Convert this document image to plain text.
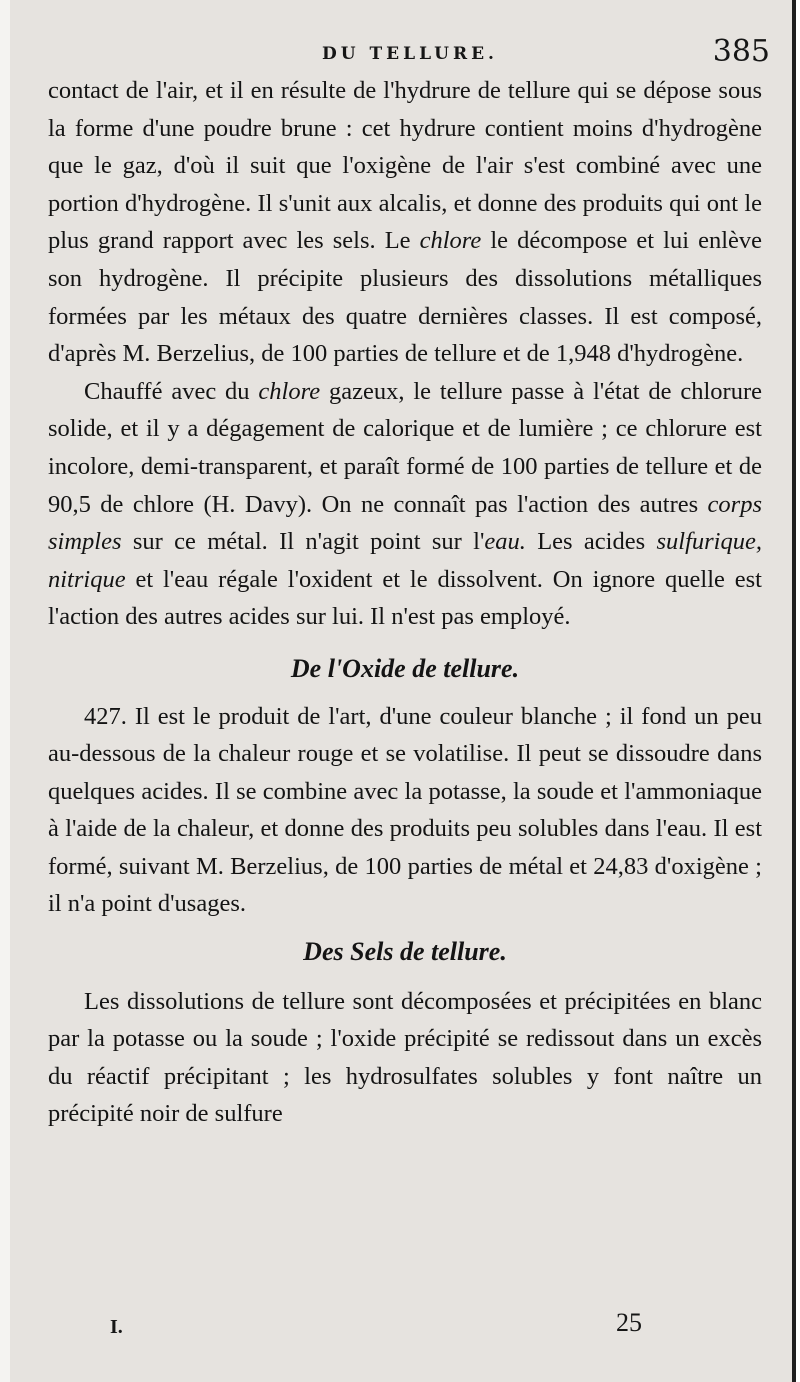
DU TELLURE.	385

contact de l'air, et il en résulte de l'hydrure de tellure qui se dépose sous la forme d'une poudre brune : cet hydrure contient moins d'hydrogène que le gaz, d'où il suit que l'oxigène de l'air s'est combiné avec une portion d'hydrogène. Il s'unit aux alcalis, et donne des produits qui ont le plus grand rapport avec les sels. Le chlore le décompose et lui enlève son hydrogène. Il précipite plusieurs des dissolutions métalliques formées par les métaux des quatre dernières classes. Il est composé, d'après M. Berzelius, de 100 parties de tellure et de 1,948 d'hydrogène.

Chauffé avec du chlore gazeux, le tellure passe à l'état de chlorure solide, et il y a dégagement de calorique et de lumière ; ce chlorure est incolore, demi-transparent, et paraît formé de 100 parties de tellure et de 90,5 de chlore (H. Davy). On ne connaît pas l'action des autres corps simples sur ce métal. Il n'agit point sur l'eau. Les acides sulfurique, nitrique et l'eau régale l'oxident et le dissolvent. On ignore quelle est l'action des autres acides sur lui. Il n'est pas employé.

De l'Oxide de tellure.

427. Il est le produit de l'art, d'une couleur blanche ; il fond un peu au-dessous de la chaleur rouge et se volatilise. Il peut se dissoudre dans quelques acides. Il se combine avec la potasse, la soude et l'ammoniaque à l'aide de la chaleur, et donne des produits peu solubles dans l'eau. Il est formé, suivant M. Berzelius, de 100 parties de métal et 24,83 d'oxigène ; il n'a point d'usages.

Des Sels de tellure.

Les dissolutions de tellure sont décomposées et précipitées en blanc par la potasse ou la soude ; l'oxide précipité se redissout dans un excès du réactif précipitant ; les hydrosulfates solubles y font naître un précipité noir de sulfure

I.	25
